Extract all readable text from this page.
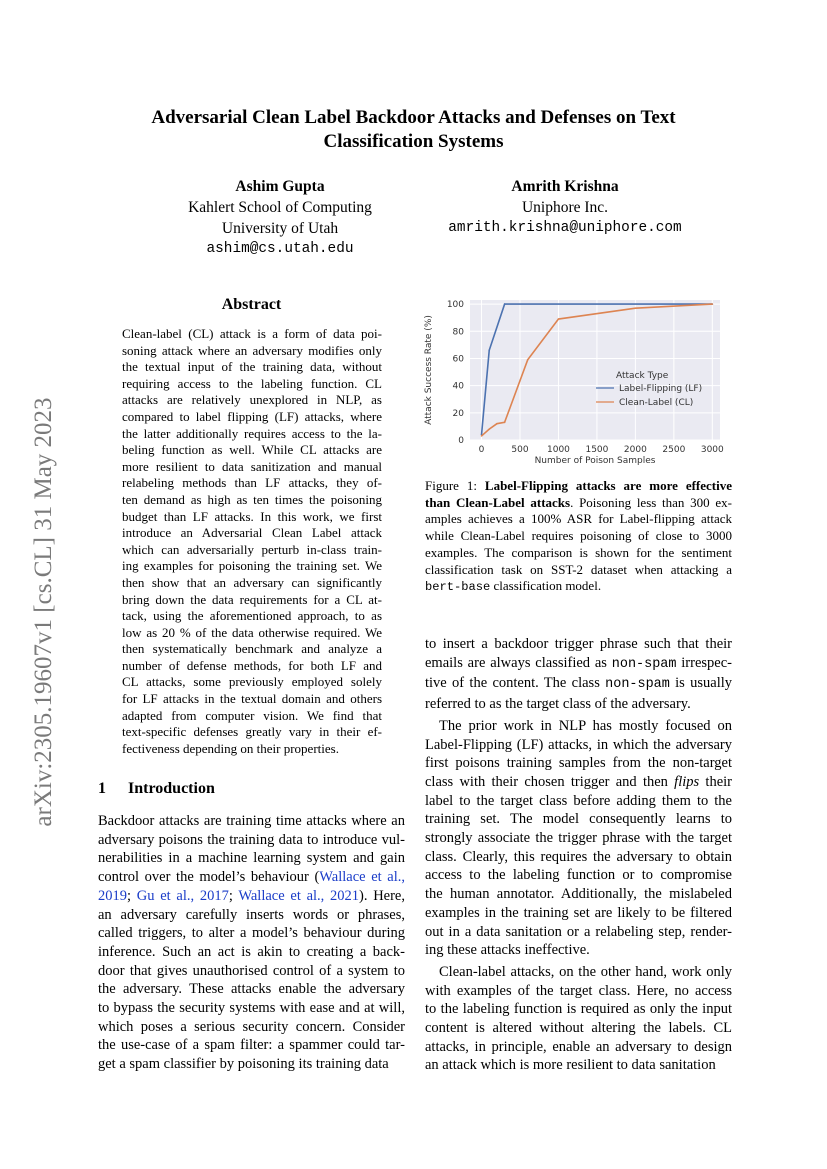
arXiv:2305.19607v1 [cs.CL] 31 May 2023
Adversarial Clean Label Backdoor Attacks and Defenses on Text
Classification Systems
Ashim Gupta
Kahlert School of Computing
University of Utah
ashim@cs.utah.edu
Amrith Krishna
Uniphore Inc.
amrith.krishna@uniphore.com
Abstract
Clean-label (CL) attack is a form of data poi-
soning attack where an adversary modifies only
the textual input of the training data, without
requiring access to the labeling function. CL
attacks are relatively unexplored in NLP, as
compared to label flipping (LF) attacks, where
the latter additionally requires access to the la-
beling function as well. While CL attacks are
more resilient to data sanitization and manual
relabeling methods than LF attacks, they of-
ten demand as high as ten times the poisoning
budget than LF attacks. In this work, we first
introduce an Adversarial Clean Label attack
which can adversarially perturb in-class train-
ing examples for poisoning the training set. We
then show that an adversary can significantly
bring down the data requirements for a CL at-
tack, using the aforementioned approach, to as
low as 20 % of the data otherwise required. We
then systematically benchmark and analyze a
number of defense methods, for both LF and
CL attacks, some previously employed solely
for LF attacks in the textual domain and others
adapted from computer vision. We find that
text-specific defenses greatly vary in their ef-
fectiveness depending on their properties.
1 Introduction
Backdoor attacks are training time attacks where an
adversary poisons the training data to introduce vul-
nerabilities in a machine learning system and gain
control over the model’s behaviour (Wallace et al.,
2019; Gu et al., 2017; Wallace et al., 2021). Here,
an adversary carefully inserts words or phrases,
called triggers, to alter a model’s behaviour during
inference. Such an act is akin to creating a back-
door that gives unauthorised control of a system to
the adversary. These attacks enable the adversary
to bypass the security systems with ease and at will,
which poses a serious security concern. Consider
the use-case of a spam filter: a spammer could tar-
get a spam classifier by poisoning its training data
0
20
40
60
80
100
0	500 1000 1500 2000 2500 3000
Number of Poison Samples
Attack Success Rate (%)	Attack Type
Label-Flipping (LF)
Clean-Label (CL)
Figure 1: Label-Flipping attacks are more effective
than Clean-Label attacks. Poisoning less than 300 ex-
amples achieves a 100% ASR for Label-flipping attack
while Clean-Label requires poisoning of close to 3000
examples. The comparison is shown for the sentiment
classification task on SST-2 dataset when attacking a
bert-base classification model.
to insert a backdoor trigger phrase such that their
emails are always classified as non-spam irrespec-
tive of the content. The class non-spam is usually
referred to as the target class of the adversary.
The prior work in NLP has mostly focused on
Label-Flipping (LF) attacks, in which the adversary
first poisons training samples from the non-target
class with their chosen trigger and then flips their
label to the target class before adding them to the
training set. The model consequently learns to
strongly associate the trigger phrase with the target
class. Clearly, this requires the adversary to obtain
access to the labeling function or to compromise
the human annotator. Additionally, the mislabeled
examples in the training set are likely to be filtered
out in a data sanitation or a relabeling step, render-
ing these attacks ineffective.
Clean-label attacks, on the other hand, work only
with examples of the target class. Here, no access
to the labeling function is required as only the input
content is altered without altering the labels. CL
attacks, in principle, enable an adversary to design
an attack which is more resilient to data sanitation
